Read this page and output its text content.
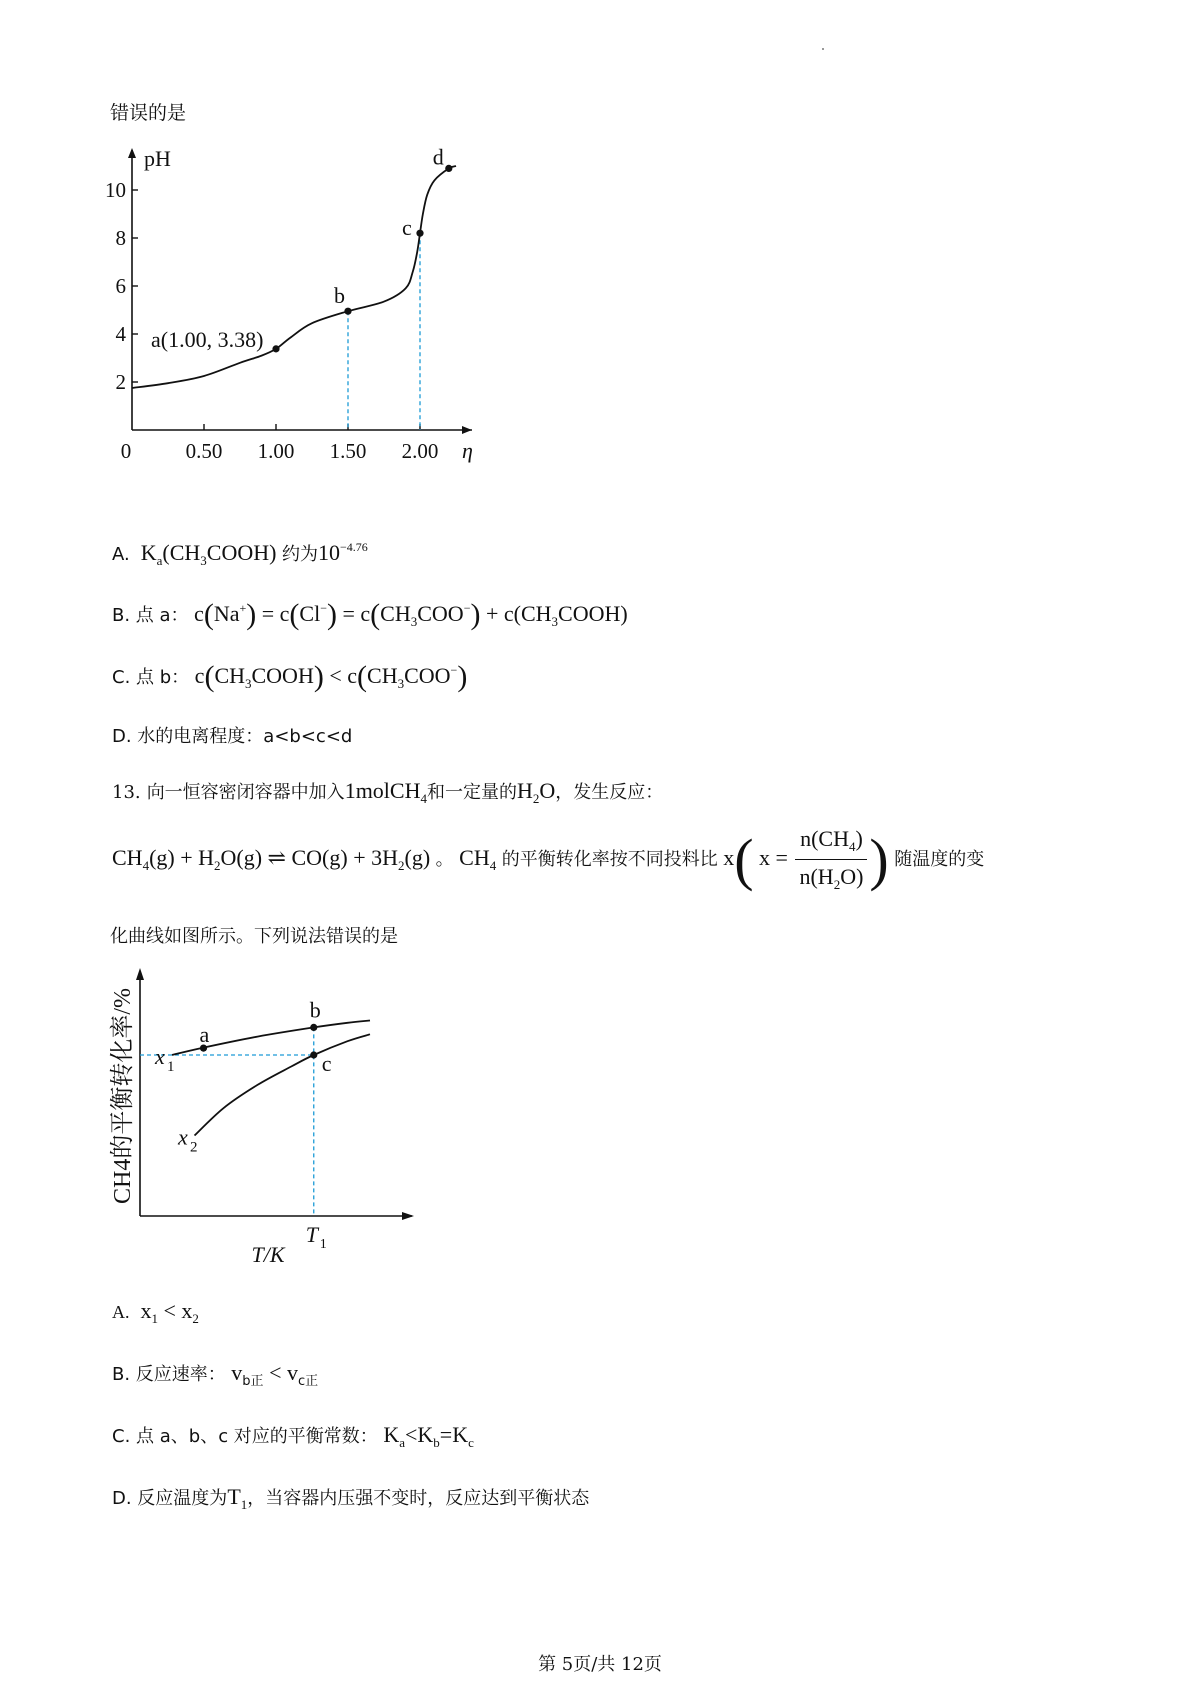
错误的是
pH
η
0	0.50 1.00 1.50 2.00
2
4
6
8
10
a(1.00, 3.38)
b
c
d
A. $K_a(CH_3COOH)$ 约为$10^{-4.76}$
B. 点 a： $c(Na^+) = c(Cl^-) = c(CH_3COO^-)$ + $c(CH_3COOH)$
C. 点 b： $c(CH_3COOH) < c(CH_3COO^-)$
D. 水的电离程度：a<b<c<d
13. 向一恒容密闭容器中加入1molCH$_4$和一定量的$H_2O$，发生反应：
$CH_4(g) + H_2O(g)$ ⇌ $CO(g) + 3H_2(g)$ 。 $CH_4$ 的平衡转化率按不同投料比 x( $x = \frac{n(CH_4)}{n(H_2O)}$ ) 随温度的变
化曲线如图所示。下列说法错误的是
CH4的平衡转化率/%
T/K
T 1
x 1
x 2
a
b
c
A. $x_1 < x_2$
B. 反应速率： $v_{b正} < v_{c正}$
C. 点 a、b、c 对应的平衡常数： $K_a<K_b=K_c$
D. 反应温度为$T_1$，当容器内压强不变时，反应达到平衡状态
第 5页/共 12页
